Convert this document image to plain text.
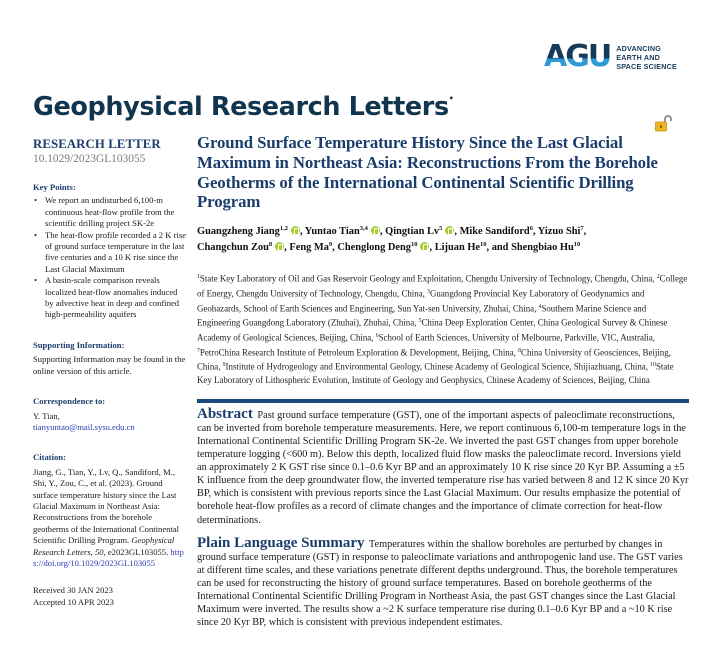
AGU ADVANCING
EARTH AND
SPACE SCIENCE
Geophysical Research Letters•
RESEARCH LETTER
10.1029/2023GL103055
Key Points:
• We report an undisturbed 6,100-m continuous heat-flow profile from the scientific drilling project SK-2e
• The heat-flow profile recorded a 2 K rise of ground surface temperature in the last five centuries and a 10 K rise since the Last Glacial Maximum
• A basin-scale comparison reveals localized heat-flow anomalies induced by advective heat in deep and confined high-permeability aquifers
Supporting Information:
Supporting Information may be found in the online version of this article.
Correspondence to:
Y. Tian,
tianyuntao@mail.sysu.edu.cn
Citation:
Jiang, G., Tian, Y., Lv, Q., Sandiford, M., Shi, Y., Zou, C., et al. (2023). Ground surface temperature history since the Last Glacial Maximum in Northeast Asia: Reconstructions from the borehole geotherms of the International Continental Scientific Drilling Program. Geophysical Research Letters, 50, e2023GL103055. https://doi.org/10.1029/2023GL103055
Received 30 JAN 2023
Accepted 10 APR 2023
Ground Surface Temperature History Since the Last Glacial Maximum in Northeast Asia: Reconstructions From the Borehole Geotherms of the International Continental Scientific Drilling Program
Guangzheng Jiang$^{1,2}$ , Yuntao Tian$^{3,4}$ , Qingtian Lv$^5$ , Mike Sandiford$^6$, Yizuo Shi$^7$,
Changchun Zou$^8$ , Feng Ma$^9$, Chenglong Deng$^{10}$ , Lijuan He$^{10}$, and Shengbiao Hu$^{10}$
$^1$State Key Laboratory of Oil and Gas Reservoir Geology and Exploitation, Chengdu University of Technology, Chengdu, China, $^2$College of Energy, Chengdu University of Technology, Chengdu, China, $^3$Guangdong Provincial Key Laboratory of Geodynamics and Geohazards, School of Earth Sciences and Engineering, Sun Yat-sen University, Zhuhai, China, $^4$Southern Marine Science and Engineering Guangdong Laboratory (Zhuhai), Zhuhai, China, $^5$China Deep Exploration Center, China Geological Survey & Chinese Academy of Geological Sciences, Beijing, China, $^6$School of Earth Sciences, University of Melbourne, Parkville, VIC, Australia, $^7$PetroChina Research Institute of Petroleum Exploration & Development, Beijing, China, $^8$China University of Geosciences, Beijing, China, $^9$Institute of Hydrogeology and Environmental Geology, Chinese Academy of Geological Science, Shijiazhuang, China, $^{10}$State Key Laboratory of Lithospheric Evolution, Institute of Geology and Geophysics, Chinese Academy of Sciences, Beijing, China

Abstract Past ground surface temperature (GST), one of the important aspects of paleoclimate reconstructions, can be inverted from borehole temperature measurements. Here, we report continuous 6,100-m temperature logs in the International Continental Scientific Drilling Program SK-2e. We inverted the past GST changes from upper borehole temperature logging (<600 m). Below this depth, localized fluid flow masks the paleoclimate record. Inversions yield an approximately 2 K GST rise since 0.1–0.6 Kyr BP and an approximately 10 K rise since 20 Kyr BP. Assuming a ±5 K influence from the deep groundwater flow, the inverted temperature rise has varied between 8 and 12 K since 20 Kyr BP, which is consistent with previous reports since the Last Glacial Maximum. Our results emphasize the potential of borehole heat-flow profiles as a record of climate changes and the importance of climate correction for heat-flow determinations.

Plain Language Summary Temperatures within the shallow boreholes are perturbed by changes in ground surface temperature (GST) in response to paleoclimate variations and anthropogenic land use. The GST varies at different time scales, and these variations penetrate different depths underground. Thus, the borehole temperatures can be used for reconstructing the history of ground surface temperatures. Based on borehole geotherms of the International Continental Scientific Drilling Program in Northeast Asia, the past GST changes since the Last Glacial Maximum were inverted. The results show a ~2 K surface temperature rise during 0.1–0.6 Kyr BP and a ~10 K rise since 20 Kyr BP, which is consistent with previous independent estimates.
